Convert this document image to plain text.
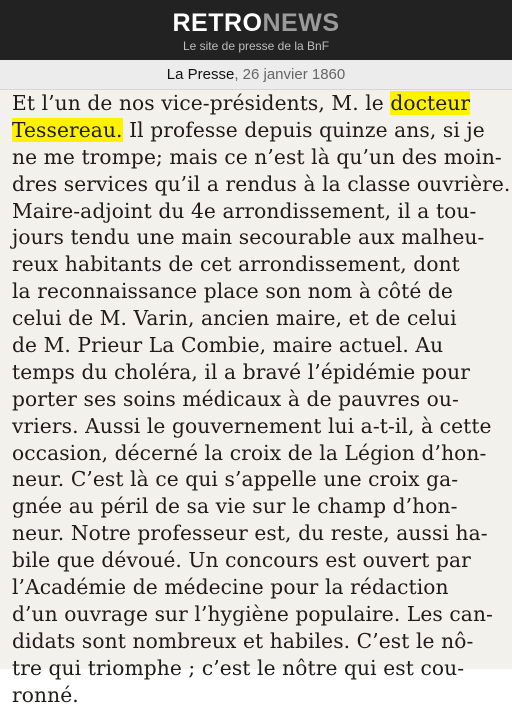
RETRONEWS
Le site de presse de la BnF
La Presse, 26 janvier 1860
Et l’un de nos vice-présidents, M. le docteur
Tessereau. Il professe depuis quinze ans, si je
ne me trompe; mais ce n’est là qu’un des moin-
dres services qu’il a rendus à la classe ouvrière.
Maire-adjoint du 4e arrondissement, il a tou-
jours tendu une main secourable aux malheu-
reux habitants de cet arrondissement, dont
la reconnaissance place son nom à côté de
celui de M. Varin, ancien maire, et de celui
de M. Prieur La Combie, maire actuel. Au
temps du choléra, il a bravé l’épidémie pour
porter ses soins médicaux à de pauvres ou-
vriers. Aussi le gouvernement lui a-t-il, à cette
occasion, décerné la croix de la Légion d’hon-
neur. C’est là ce qui s’appelle une croix ga-
gnée au péril de sa vie sur le champ d’hon-
neur. Notre professeur est, du reste, aussi ha-
bile que dévoué. Un concours est ouvert par
l’Académie de médecine pour la rédaction
d’un ouvrage sur l’hygiène populaire. Les can-
didats sont nombreux et habiles. C’est le nô-
tre qui triomphe ; c’est le nôtre qui est cou-
ronné.
